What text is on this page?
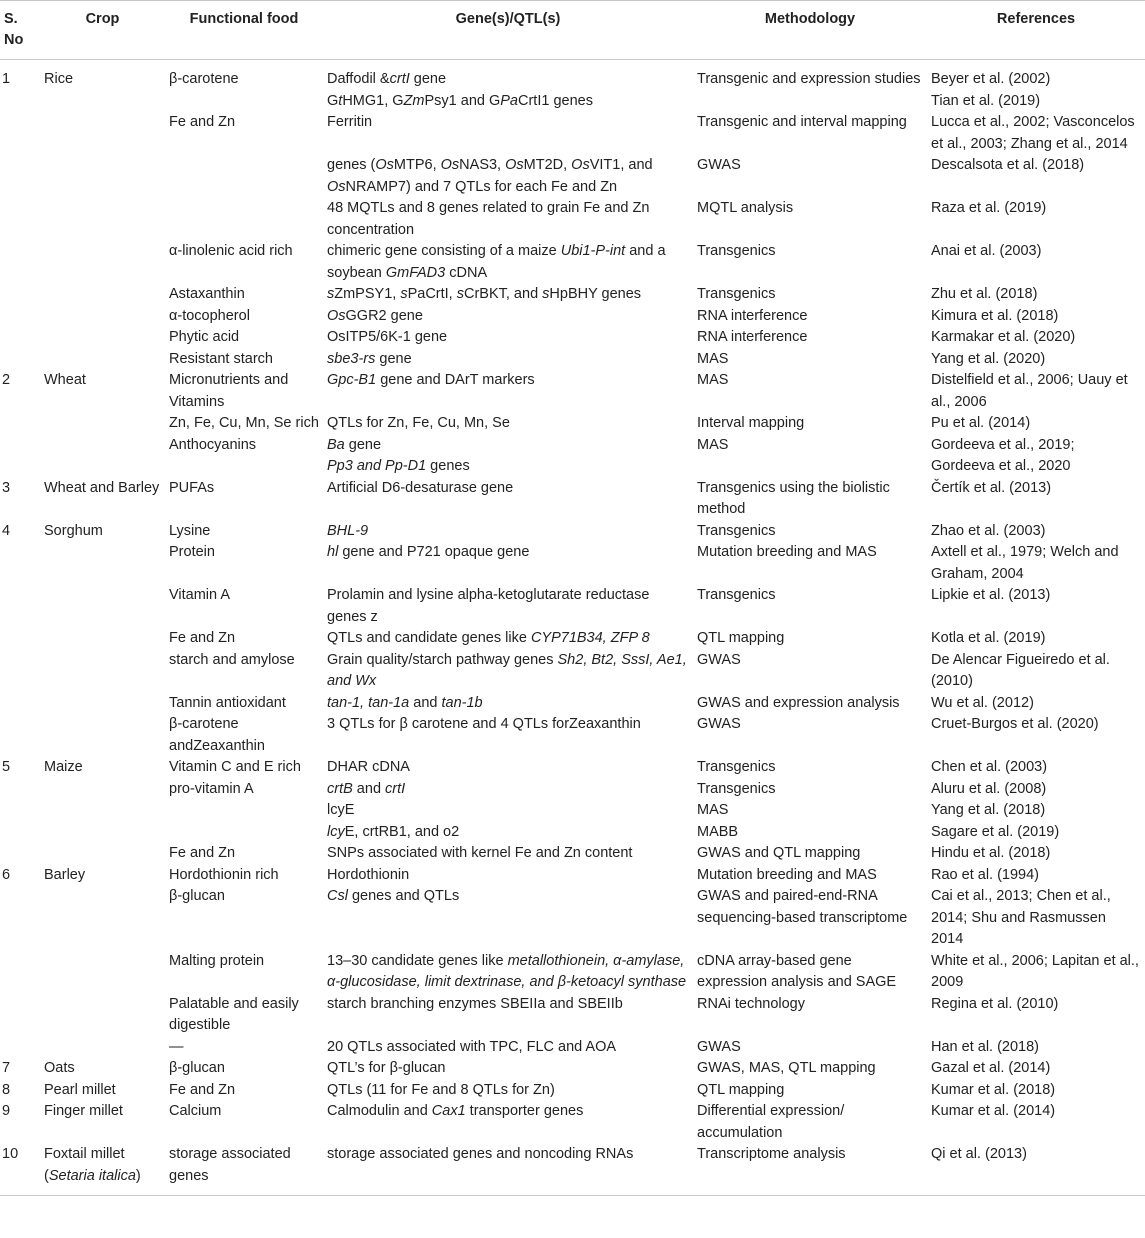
S. No	Crop	Functional food	Gene(s)/QTL(s)	Methodology	References
1	Rice	β-carotene	Daffodil &crtI gene	Transgenic and expression studies	Beyer et al. (2002)
			GtHMG1, GZmPsy1 and GPaCrtI1 genes		Tian et al. (2019)
		Fe and Zn	Ferritin	Transgenic and interval mapping	Lucca et al., 2002; Vasconcelos et al., 2003; Zhang et al., 2014
			genes (OsMTP6, OsNAS3, OsMT2D, OsVIT1, and OsNRAMP7) and 7 QTLs for each Fe and Zn	GWAS	Descalsota et al. (2018)
			48 MQTLs and 8 genes related to grain Fe and Zn concentration	MQTL analysis	Raza et al. (2019)
		α-linolenic acid rich	chimeric gene consisting of a maize Ubi1-P-int and a soybean GmFAD3 cDNA	Transgenics	Anai et al. (2003)
		Astaxanthin	sZmPSY1, sPaCrtI, sCrBKT, and sHpBHY genes	Transgenics	Zhu et al. (2018)
		α-tocopherol	OsGGR2 gene	RNA interference	Kimura et al. (2018)
		Phytic acid	OsITP5/6K-1 gene	RNA interference	Karmakar et al. (2020)
		Resistant starch	sbe3-rs gene	MAS	Yang et al. (2020)
2	Wheat	Micronutrients and Vitamins	Gpc-B1 gene and DArT markers	MAS	Distelfield et al., 2006; Uauy et al., 2006
		Zn, Fe, Cu, Mn, Se rich	QTLs for Zn, Fe, Cu, Mn, Se	Interval mapping	Pu et al. (2014)
		Anthocyanins	Ba gene	MAS	Gordeeva et al., 2019;
			Pp3 and Pp-D1 genes		Gordeeva et al., 2020
3	Wheat and Barley	PUFAs	Artificial D6-desaturase gene	Transgenics using the biolistic method	Čertík et al. (2013)
4	Sorghum	Lysine	BHL-9	Transgenics	Zhao et al. (2003)
		Protein	hl gene and P721 opaque gene	Mutation breeding and MAS	Axtell et al., 1979; Welch and Graham, 2004
		Vitamin A	Prolamin and lysine alpha-ketoglutarate reductase genes z	Transgenics	Lipkie et al. (2013)
		Fe and Zn	QTLs and candidate genes like CYP71B34, ZFP 8	QTL mapping	Kotla et al. (2019)
		starch and amylose	Grain quality/starch pathway genes Sh2, Bt2, SssI, Ae1, and Wx	GWAS	De Alencar Figueiredo et al. (2010)
		Tannin antioxidant	tan-1, tan-1a and tan-1b	GWAS and expression analysis	Wu et al. (2012)
		β-carotene andZeaxanthin	3 QTLs for β carotene and 4 QTLs forZeaxanthin	GWAS	Cruet-Burgos et al. (2020)
5	Maize	Vitamin C and E rich	DHAR cDNA	Transgenics	Chen et al. (2003)
		pro-vitamin A	crtB and crtI	Transgenics	Aluru et al. (2008)
			lcyE	MAS	Yang et al. (2018)
			lcyE, crtRB1, and o2	MABB	Sagare et al. (2019)
		Fe and Zn	SNPs associated with kernel Fe and Zn content	GWAS and QTL mapping	Hindu et al. (2018)
6	Barley	Hordothionin rich	Hordothionin	Mutation breeding and MAS	Rao et al. (1994)
		β-glucan	Csl genes and QTLs	GWAS and paired-end-RNA sequencing-based transcriptome	Cai et al., 2013; Chen et al., 2014; Shu and Rasmussen 2014
		Malting protein	13–30 candidate genes like metallothionein, α-amylase, α-glucosidase, limit dextrinase, and β-ketoacyl synthase	cDNA array-based gene expression analysis and SAGE	White et al., 2006; Lapitan et al., 2009
		Palatable and easily digestible	starch branching enzymes SBEIIa and SBEIIb	RNAi technology	Regina et al. (2010)
		—	20 QTLs associated with TPC, FLC and AOA	GWAS	Han et al. (2018)
7	Oats	β-glucan	QTL’s for β-glucan	GWAS, MAS, QTL mapping	Gazal et al. (2014)
8	Pearl millet	Fe and Zn	QTLs (11 for Fe and 8 QTLs for Zn)	QTL mapping	Kumar et al. (2018)
9	Finger millet	Calcium	Calmodulin and Cax1 transporter genes	Differential expression/ accumulation	Kumar et al. (2014)
10	Foxtail millet (Setaria italica)	storage associated genes	storage associated genes and noncoding RNAs	Transcriptome analysis	Qi et al. (2013)
